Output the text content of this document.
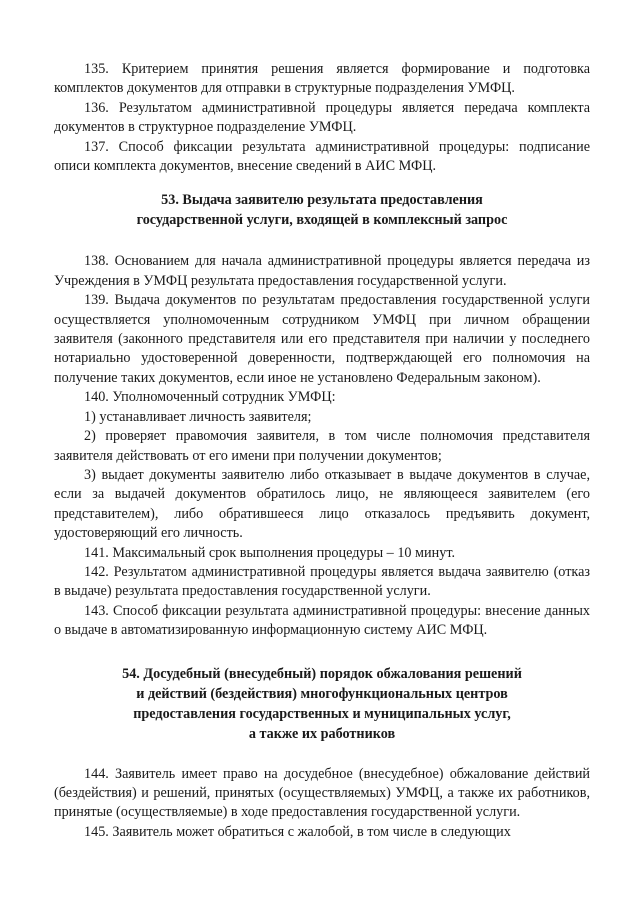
135. Критерием принятия решения является формирование и подготовка комплектов документов для отправки в структурные подразделения УМФЦ.

136. Результатом административной процедуры является передача комплекта документов в структурное подразделение УМФЦ.

137. Способ фиксации результата административной процедуры: подписание описи комплекта документов, внесение сведений в АИС МФЦ.

53. Выдача заявителю результата предоставления
государственной услуги, входящей в комплексный запрос

138. Основанием для начала административной процедуры является передача из Учреждения в УМФЦ результата предоставления государственной услуги.

139. Выдача документов по результатам предоставления государственной услуги осуществляется уполномоченным сотрудником УМФЦ при личном обращении заявителя (законного представителя или его представителя при наличии у последнего нотариально удостоверенной доверенности, подтверждающей его полномочия на получение таких документов, если иное не установлено Федеральным законом).

140. Уполномоченный сотрудник УМФЦ:

1) устанавливает личность заявителя;

2) проверяет правомочия заявителя, в том числе полномочия представителя заявителя действовать от его имени при получении документов;

3) выдает документы заявителю либо отказывает в выдаче документов в случае, если за выдачей документов обратилось лицо, не являющееся заявителем (его представителем), либо обратившееся лицо отказалось предъявить документ, удостоверяющий его личность.

141. Максимальный срок выполнения процедуры – 10 минут.

142. Результатом административной процедуры является выдача заявителю (отказ в выдаче) результата предоставления государственной услуги.

143. Способ фиксации результата административной процедуры: внесение данных о выдаче в автоматизированную информационную систему АИС МФЦ.

54. Досудебный (внесудебный) порядок обжалования решений
и действий (бездействия) многофункциональных центров
предоставления государственных и муниципальных услуг,
а также их работников

144. Заявитель имеет право на досудебное (внесудебное) обжалование действий (бездействия) и решений, принятых (осуществляемых) УМФЦ, а также их работников, принятые (осуществляемые) в ходе предоставления государственной услуги.

145. Заявитель может обратиться с жалобой, в том числе в следующих
